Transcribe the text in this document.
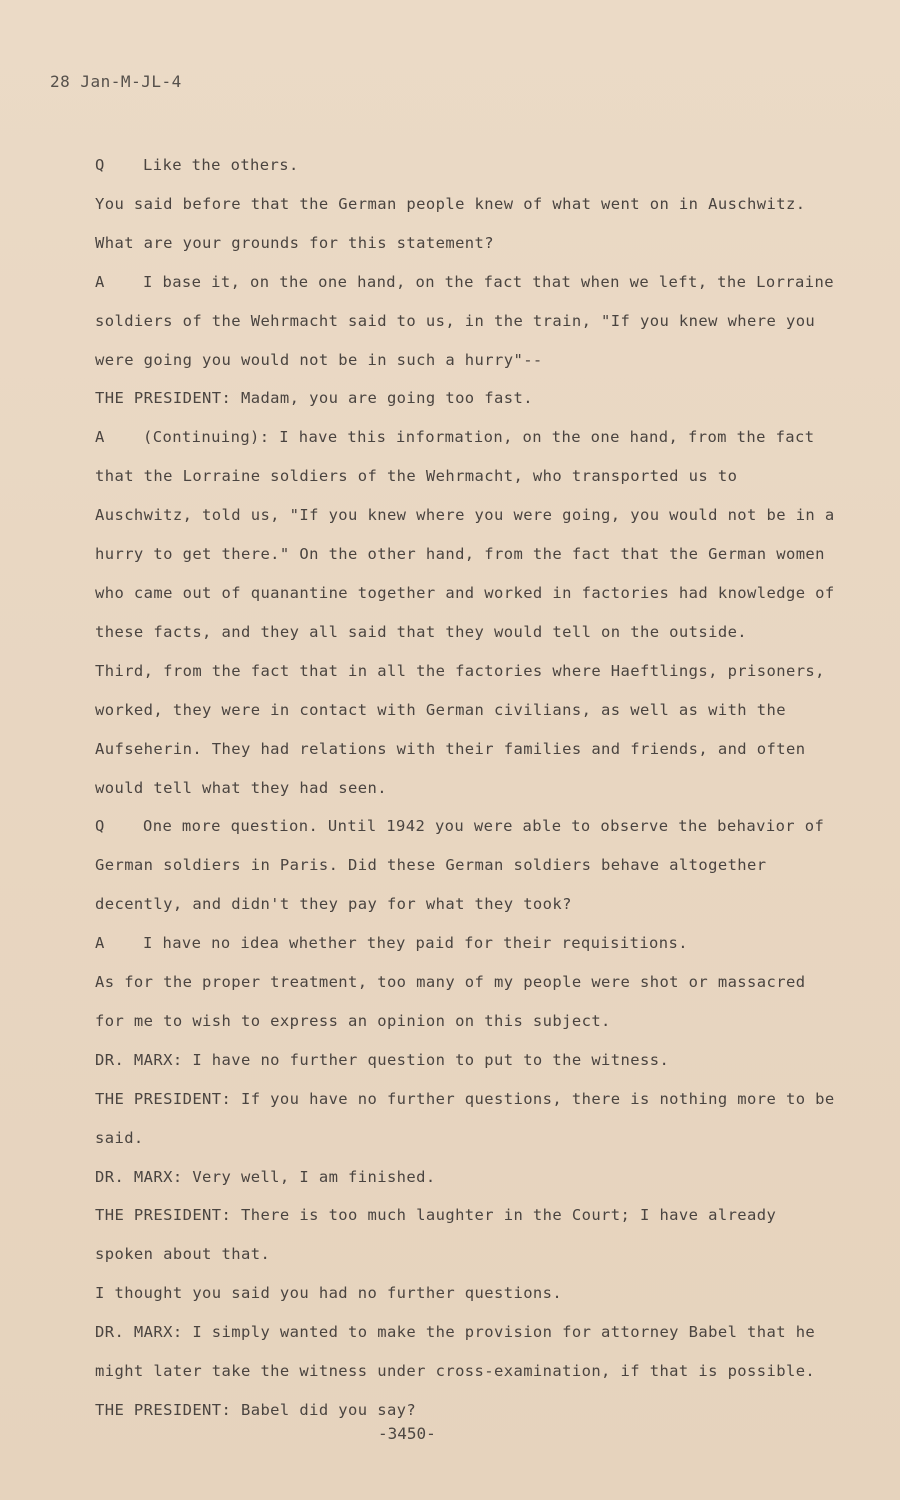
28 Jan-M-JL-4

Q Like the others.

You said before that the German people knew of what went on in Auschwitz. What are your grounds for this statement?

A I base it, on the one hand, on the fact that when we left, the Lorraine soldiers of the Wehrmacht said to us, in the train, "If you knew where you were going you would not be in such a hurry"--

THE PRESIDENT: Madam, you are going too fast.

A (Continuing): I have this information, on the one hand, from the fact that the Lorraine soldiers of the Wehrmacht, who transported us to Auschwitz, told us, "If you knew where you were going, you would not be in a hurry to get there." On the other hand, from the fact that the German women who came out of quanantine together and worked in factories had knowledge of these facts, and they all said that they would tell on the outside.

Third, from the fact that in all the factories where Haeftlings, prisoners, worked, they were in contact with German civilians, as well as with the Aufseherin. They had relations with their families and friends, and often would tell what they had seen.

Q One more question. Until 1942 you were able to observe the behavior of German soldiers in Paris. Did these German soldiers behave altogether decently, and didn't they pay for what they took?

A I have no idea whether they paid for their requisitions.

As for the proper treatment, too many of my people were shot or massacred for me to wish to express an opinion on this subject.

DR. MARX: I have no further question to put to the witness.

THE PRESIDENT: If you have no further questions, there is nothing more to be said.

DR. MARX: Very well, I am finished.

THE PRESIDENT: There is too much laughter in the Court; I have already spoken about that.

I thought you said you had no further questions.

DR. MARX: I simply wanted to make the provision for attorney Babel that he might later take the witness under cross-examination, if that is possible.

THE PRESIDENT: Babel did you say?

-3450-
